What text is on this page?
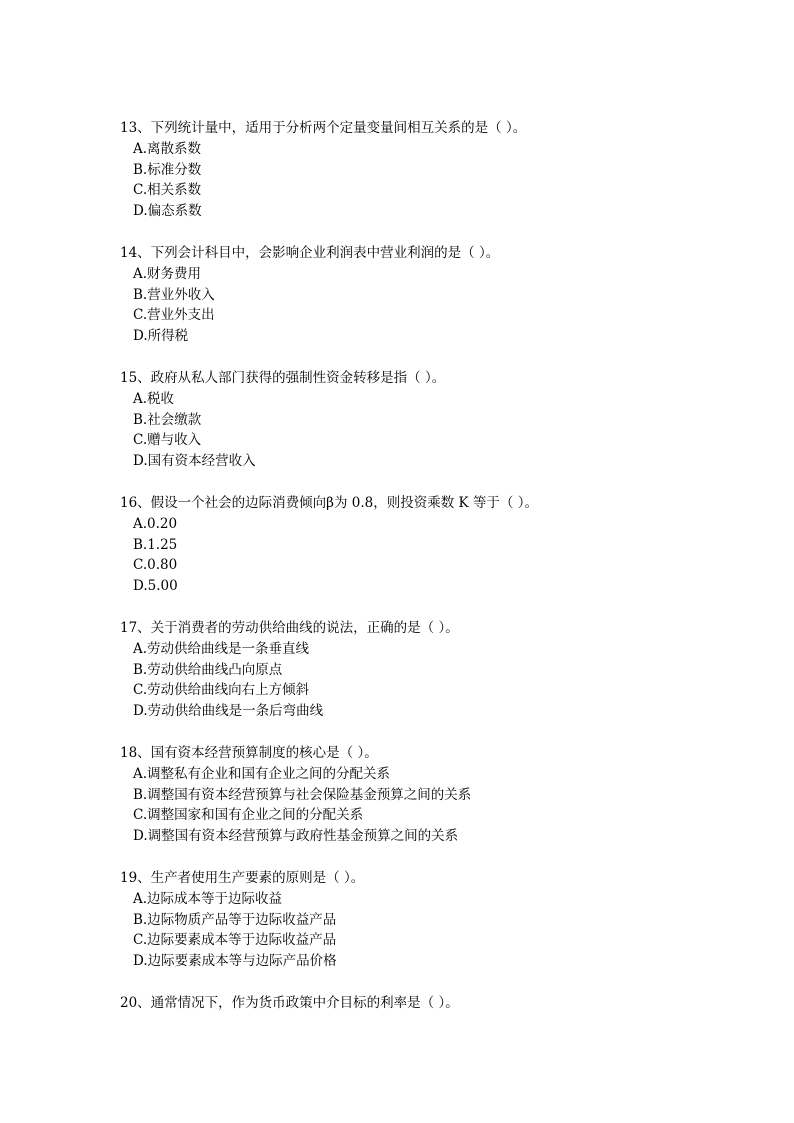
13、下列统计量中，适用于分析两个定量变量间相互关系的是（ ）。
A.离散系数
B.标准分数
C.相关系数
D.偏态系数
14、下列会计科目中，会影响企业利润表中营业利润的是（ ）。
A.财务费用
B.营业外收入
C.营业外支出
D.所得税
15、政府从私人部门获得的强制性资金转移是指（ ）。
A.税收
B.社会缴款
C.赠与收入
D.国有资本经营收入
16、假设一个社会的边际消费倾向β为 0.8，则投资乘数 K 等于（ ）。
A.0.20
B.1.25
C.0.80
D.5.00
17、关于消费者的劳动供给曲线的说法，正确的是（ ）。
A.劳动供给曲线是一条垂直线
B.劳动供给曲线凸向原点
C.劳动供给曲线向右上方倾斜
D.劳动供给曲线是一条后弯曲线
18、国有资本经营预算制度的核心是（ ）。
A.调整私有企业和国有企业之间的分配关系
B.调整国有资本经营预算与社会保险基金预算之间的关系
C.调整国家和国有企业之间的分配关系
D.调整国有资本经营预算与政府性基金预算之间的关系
19、生产者使用生产要素的原则是（ ）。
A.边际成本等于边际收益
B.边际物质产品等于边际收益产品
C.边际要素成本等于边际收益产品
D.边际要素成本等与边际产品价格
20、通常情况下，作为货币政策中介目标的利率是（ ）。
